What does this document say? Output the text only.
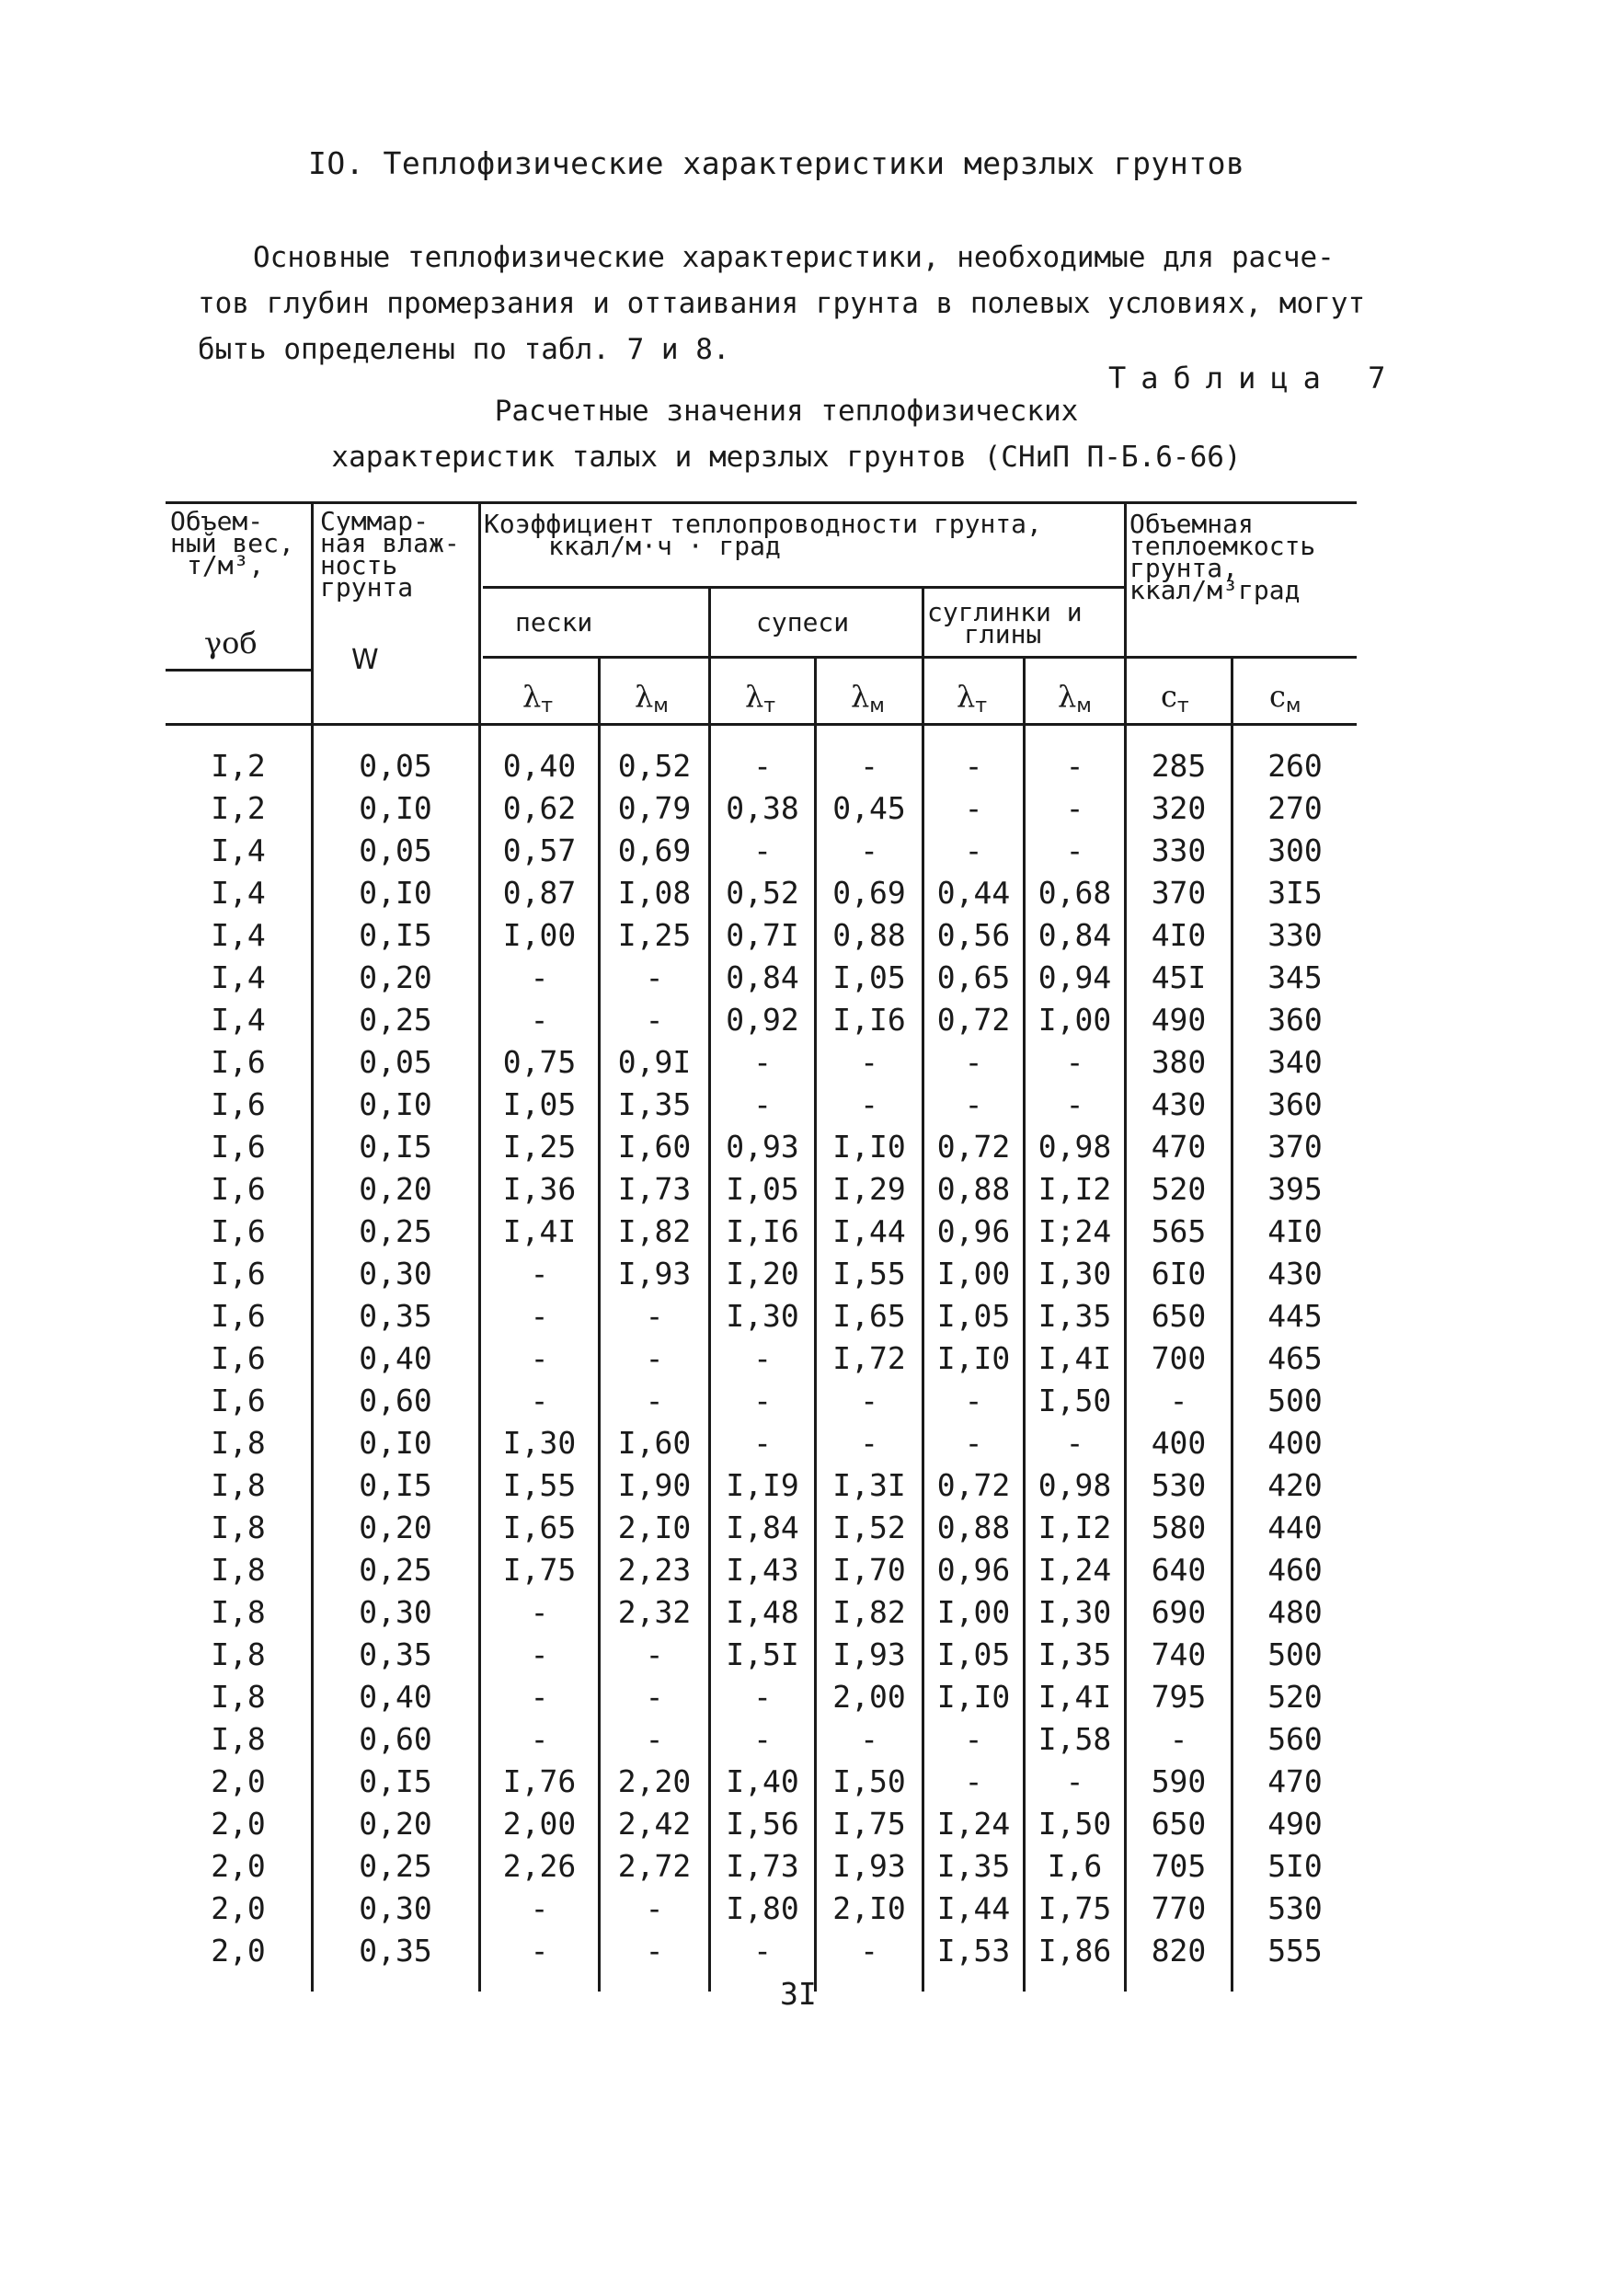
IO. Теплофизические характеристики мерзлых грунтов
Основные теплофизические характеристики, необходимые для расче-
тов глубин промерзания и оттаивания грунта в полевых условиях, могут
быть определены по табл. 7 и 8.
Таблица 7
Расчетные значения теплофизических
характеристик талых и мерзлых грунтов (СНиП П-Б.6-66)
Объем-
ный вес,
т/м³,
γоб
Суммар-
ная влаж-
ность
грунта
W
Коэффициент теплопроводности грунта,
ккал/м·ч · град
пески	супеси	суглинки и
глины
Объемная
теплоемкость
грунта,
ккал/м³град
$\lambda_т$	$\lambda_м$	$\lambda_т$	$\lambda_м$ $\lambda_т$ $\lambda_м$ $c_т$	$c_м$
I,2	0,05	0,40	0,52	-	-	-	-	285	260
I,2	0,I0	0,62	0,79	0,38	0,45	-	-	320	270
I,4	0,05	0,57	0,69	-	-	-	-	330	300
I,4	0,I0	0,87	I,08	0,52	0,69	0,44 0,68	370	3I5
I,4	0,I5	I,00	I,25	0,7I	0,88	0,56 0,84	4I0	330
I,4	0,20	-	-	0,84	I,05	0,65 0,94	45I	345
I,4	0,25	-	-	0,92	I,I6	0,72 I,00	490	360
I,6	0,05	0,75	0,9I	-	-	-	-	380	340
I,6	0,I0	I,05	I,35	-	-	-	-	430	360
I,6	0,I5	I,25	I,60	0,93	I,I0	0,72 0,98	470	370
I,6	0,20	I,36	I,73	I,05	I,29	0,88 I,I2	520	395
I,6	0,25	I,4I	I,82	I,I6	I,44	0,96 I;24	565	4I0
I,6	0,30	-	I,93	I,20	I,55	I,00 I,30	6I0	430
I,6	0,35	-	-	I,30	I,65	I,05 I,35	650	445
I,6	0,40	-	-	-	I,72	I,I0 I,4I	700	465
I,6	0,60	-	-	-	-	-	I,50	-	500
I,8	0,I0	I,30	I,60	-	-	-	-	400	400
I,8	0,I5	I,55	I,90	I,I9	I,3I	0,72 0,98	530	420
I,8	0,20	I,65	2,I0	I,84	I,52	0,88 I,I2	580	440
I,8	0,25	I,75	2,23	I,43	I,70	0,96 I,24	640	460
I,8	0,30	-	2,32	I,48	I,82	I,00 I,30	690	480
I,8	0,35	-	-	I,5I	I,93	I,05 I,35	740	500
I,8	0,40	-	-	-	2,00	I,I0 I,4I	795	520
I,8	0,60	-	-	-	-	-	I,58	-	560
2,0	0,I5	I,76	2,20	I,40	I,50	-	-	590	470
2,0	0,20	2,00	2,42	I,56	I,75	I,24 I,50	650	490
2,0	0,25	2,26	2,72	I,73	I,93	I,35	I,6	705	5I0
2,0	0,30	-	-	I,80	2,I0	I,44 I,75	770	530
2,0	0,35	-	-	-	-	I,53 I,86	820	555
3I
